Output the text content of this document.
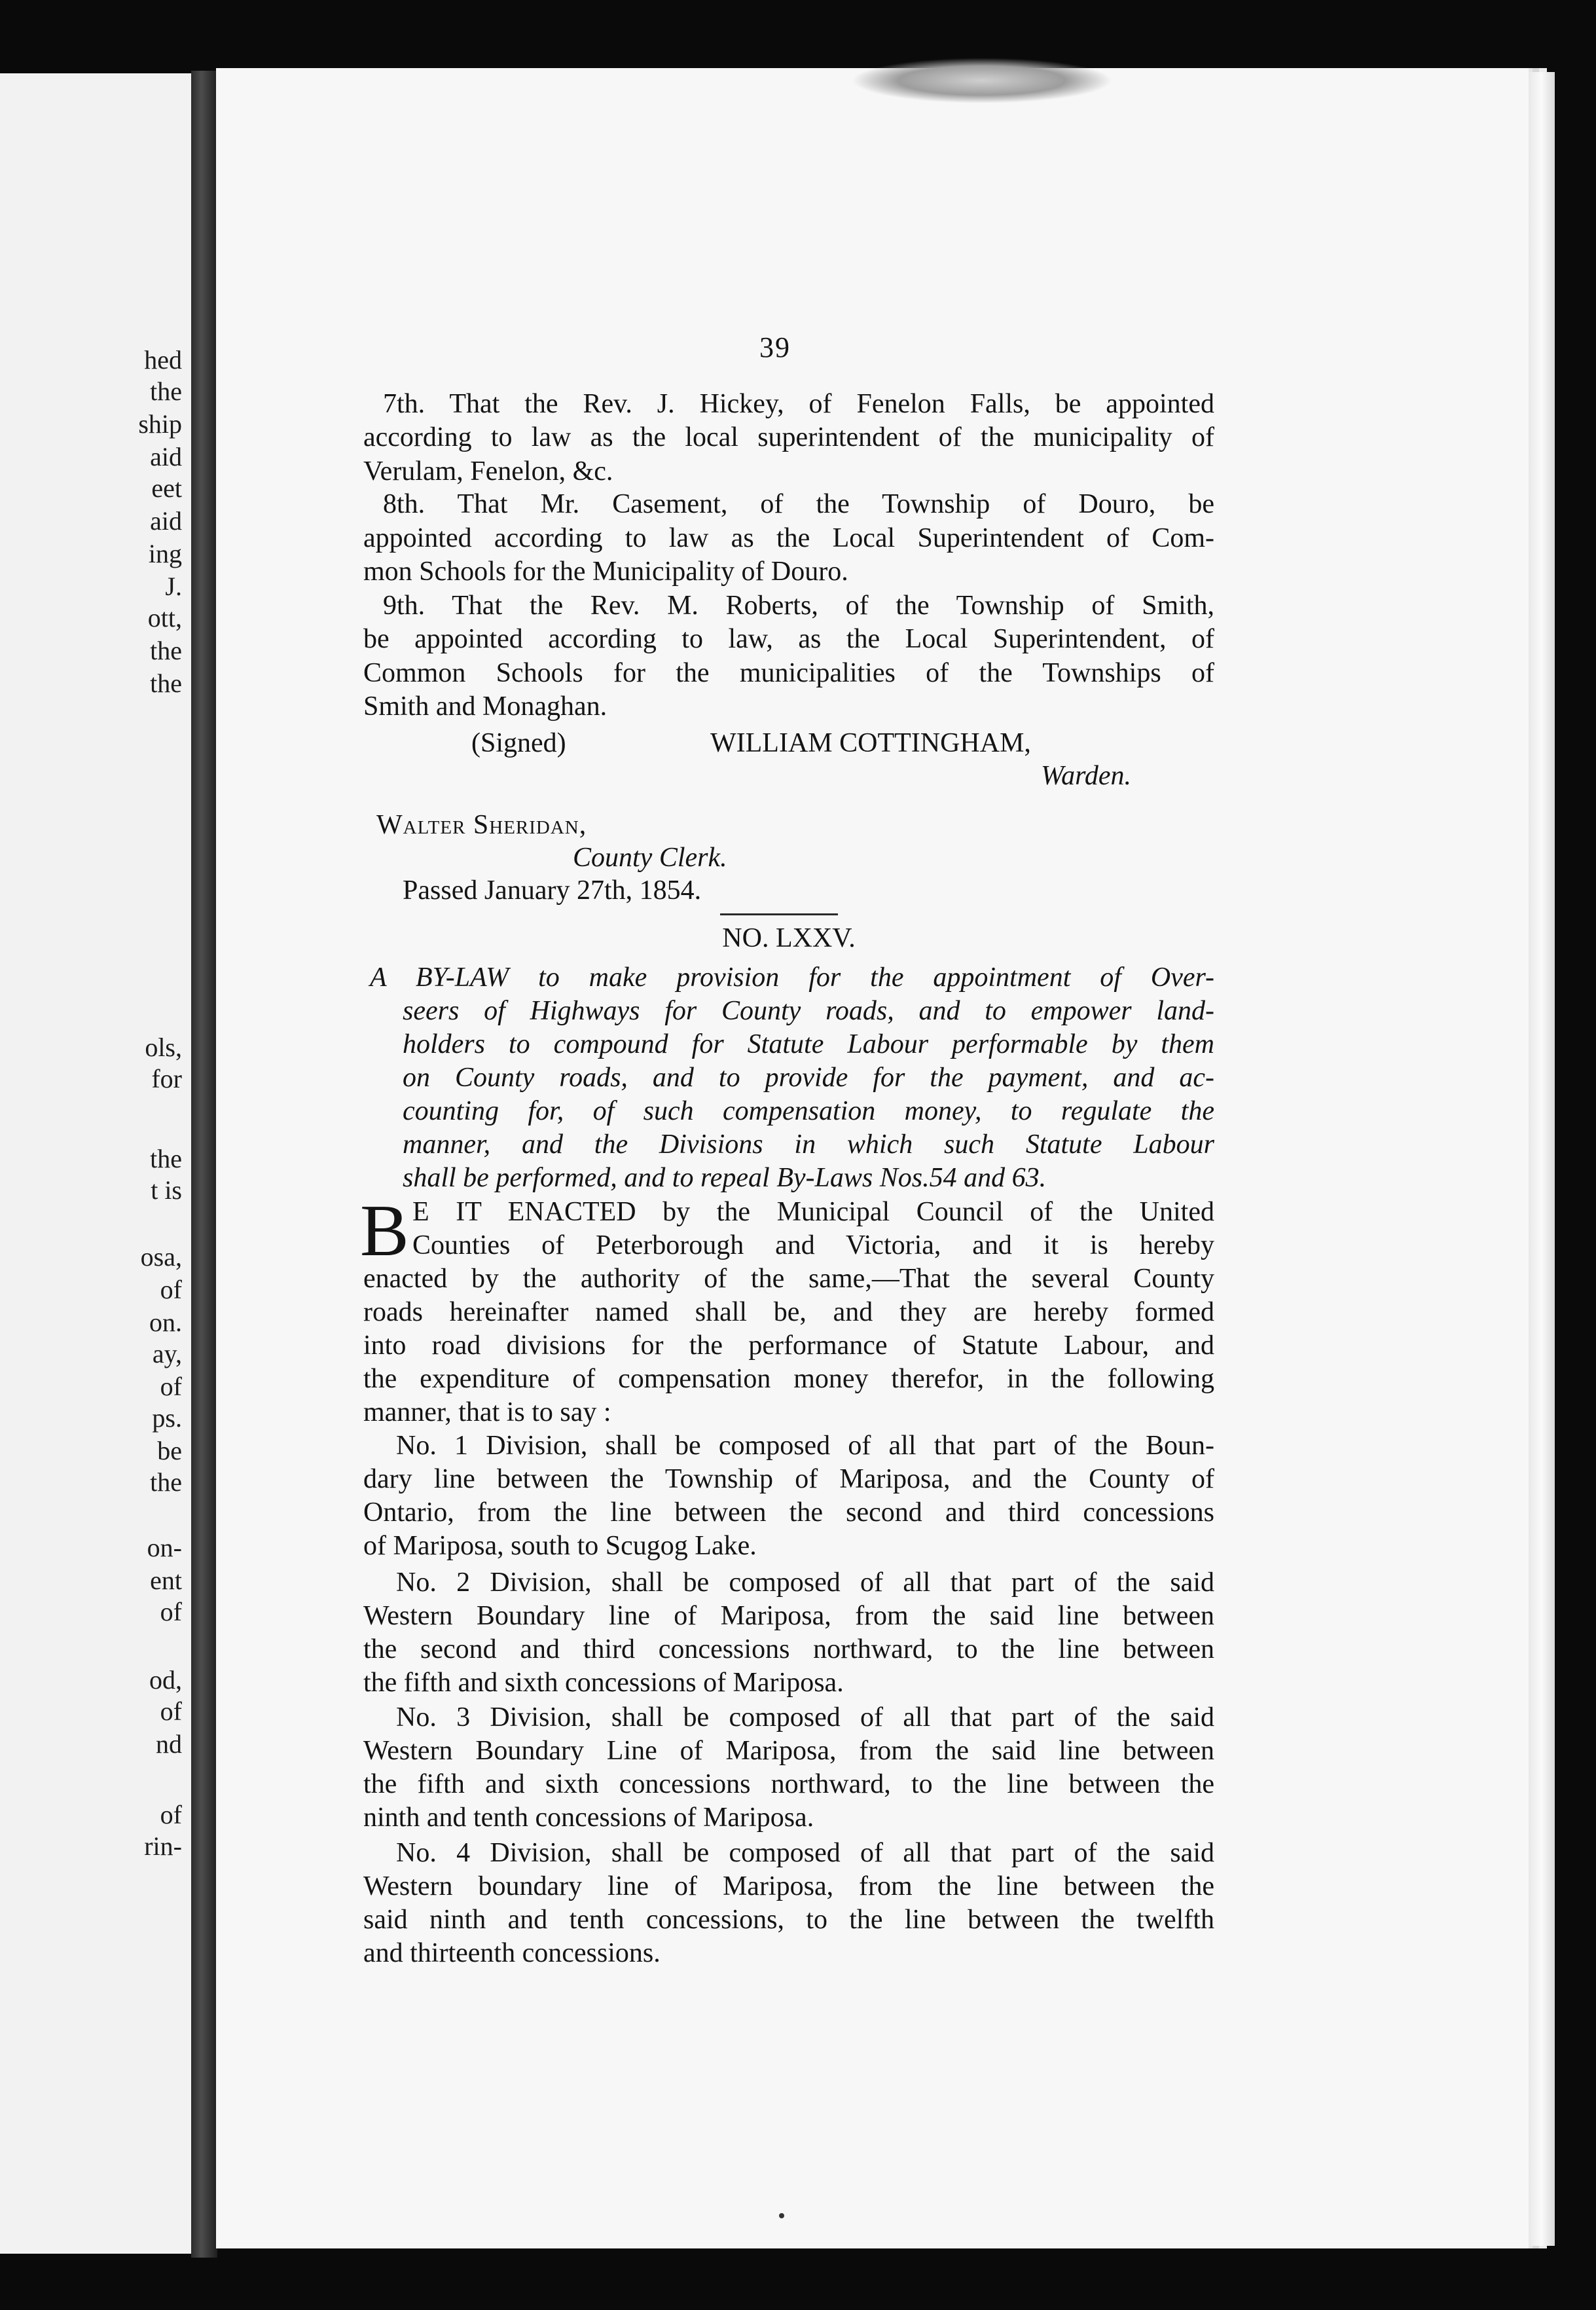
hed
the
ship
aid
eet
aid
ing
J.
ott,
the
the
ols,
for
the
t is
osa,
of
on.
ay,
of
ps.
be
the
on-
ent
of
od,
of
nd
of
rin-
39
7th. That the Rev. J. Hickey, of Fenelon Falls, be appointed
according to law as the local superintendent of the municipality of
Verulam, Fenelon, &c.
8th. That Mr. Casement, of the Township of Douro, be
appointed according to law as the Local Superintendent of Com-
mon Schools for the Municipality of Douro.
9th. That the Rev. M. Roberts, of the Township of Smith,
be appointed according to law, as the Local Superintendent, of
Common Schools for the municipalities of the Townships of
Smith and Monaghan.
(Signed)	WILLIAM COTTINGHAM,
Warden.
Walter Sheridan,
County Clerk.
Passed January 27th, 1854.
NO. LXXV.
A BY-LAW to make provision for the appointment of Over-
seers of Highways for County roads, and to empower land-
holders to compound for Statute Labour performable by them
on County roads, and to provide for the payment, and ac-
counting for, of such compensation money, to regulate the
manner, and the Divisions in which such Statute Labour
shall be performed, and to repeal By-Laws Nos.54 and 63.
B E IT ENACTED by the Municipal Council of the United
Counties of Peterborough and Victoria, and it is hereby
enacted by the authority of the same,—That the several County
roads hereinafter named shall be, and they are hereby formed
into road divisions for the performance of Statute Labour, and
the expenditure of compensation money therefor, in the following
manner, that is to say :
No. 1 Division, shall be composed of all that part of the Boun-
dary line between the Township of Mariposa, and the County of
Ontario, from the line between the second and third concessions
of Mariposa, south to Scugog Lake.
No. 2 Division, shall be composed of all that part of the said
Western Boundary line of Mariposa, from the said line between
the second and third concessions northward, to the line between
the fifth and sixth concessions of Mariposa.
No. 3 Division, shall be composed of all that part of the said
Western Boundary Line of Mariposa, from the said line between
the fifth and sixth concessions northward, to the line between the
ninth and tenth concessions of Mariposa.
No. 4 Division, shall be composed of all that part of the said
Western boundary line of Mariposa, from the line between the
said ninth and tenth concessions, to the line between the twelfth
and thirteenth concessions.
